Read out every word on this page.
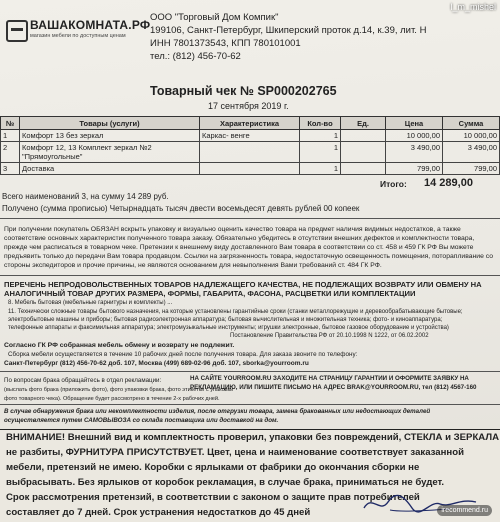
l_m_mishel
ВАШАКОМНАТА.РФ
магазин мебели по доступным ценам
ООО "Торговый Дом Компик"
199106, Санкт-Петербург, Шкиперский проток д.14, к.39, лит. Н
ИНН 7801373543, КПП 780101001
тел.: (812) 456-70-62
Товарный чек № SP000202765
17 сентября 2019 г.
№	Товары (услуги)	Характеристика	Кол-во	Ед.	Цена	Сумма
1	Комфорт 13 без зеркал	Каркас- венге	1		10 000,00	10 000,00
2	Комфорт 12, 13 Комплект зеркал №2 "Прямоугольные"		1		3 490,00	3 490,00
3	Доставка		1		799,00	799,00
Итого: 14 289,00
Всего наименований 3, на сумму 14 289 руб.
Получено (сумма прописью) Четырнадцать тысяч двести восемьдесят девять рублей 00 копеек
При получении покупатель ОБЯЗАН вскрыть упаковку и визуально оценить качество товара на предмет наличия видимых недостатков, а также
соответствие основных характеристик полученного товара заказу. Обязательно убедитесь в отсутствии внешних дефектов и комплектности товара,
прежде чем расписаться в товарном чеке. Претензии к внешнему виду доставленного Вам товара в соответствии со ст. 458 и 459 ГК РФ Вы можете
предъявить только до передачи Вам товара продавцом. Ссылки на загрязненность товара, недостаточную освещенность помещения, поторапливание со
стороны экспедиторов и прочие причины, не являются основанием для невыполнения Вами требований ст. 484 ГК РФ.
ПЕРЕЧЕНЬ НЕПРОДОВОЛЬСТВЕННЫХ ТОВАРОВ НАДЛЕЖАЩЕГО КАЧЕСТВА, НЕ ПОДЛЕЖАЩИХ ВОЗВРАТУ ИЛИ ОБМЕНУ НА
АНАЛОГИЧНЫЙ ТОВАР ДРУГИХ РАЗМЕРА, ФОРМЫ, ГАБАРИТА, ФАСОНА, РАСЦВЕТКИ ИЛИ КОМПЛЕКТАЦИИ
8. Мебель бытовая (мебельные гарнитуры и комплекты) ...
11. Технически сложные товары бытового назначения, на которые установлены гарантийные сроки (станки металлорежущие и деревообрабатывающие бытовые;
электробытовые машины и приборы; бытовая радиоэлектронная аппаратура; бытовая вычислительная и множительная техника; фото- и киноаппаратура;
телефонные аппараты и факсимильная аппаратура; электромузыкальные инструменты; игрушки электронные, бытовое газовое оборудование и устройства)
Постановление Правительства РФ от 20.10.1998 N 1222, от 06.02.2002
Согласно ГК РФ собранная мебель обмену и возврату не подлежит.
Сборка мебели осуществляется в течение 10 рабочих дней после получения товара. Для заказа звоните по телефону:
Санкт-Петербург (812) 456-70-62 доб. 107, Москва (499) 689-02-96 доб. 107, sborka@yourroom.ru
По вопросам брака обращайтесь в отдел рекламации:
(выслать фото брака (приложить фото), фото упаковки брака, фото этикетки с упаковки
фото товарного чека). Обращение будет рассмотрено в течение 2-х рабочих дней.
НА САЙТЕ YOURROOM.RU ЗАХОДИТЕ НА СТРАНИЦУ ГАРАНТИИ И ОФОРМИТЕ ЗАЯВКУ НА
РЕКЛАМАЦИЮ, ИЛИ ПИШИТЕ ПИСЬМО НА АДРЕС BRAK@YOURROOM.RU, тел (812) 4567-160
В случае обнаружения брака или некомплектности изделия, после отгрузки товара, замена бракованных или недостающих деталей
осуществляется путем САМОВЫВОЗА со склада поставщика или доставкой на дом.
ВНИМАНИЕ! Внешний вид и комплектность проверил, упаковки без повреждений, СТЕКЛА и ЗЕРКАЛА
не разбиты, ФУРНИТУРА ПРИСУТСТВУЕТ. Цвет, цена и наименование соответствует заказанной
мебели, претензий не имею. Коробки с ярлыками от фабрики до окончания сборки не
выбрасывать. Без ярлыков от коробок рекламация, в случае брака, приниматься не будет.
Срок рассмотрения претензий, в соответствии с законом о защите прав потребителей
составляет до 7 дней. Срок устранения недостатков до 45 дней	irecommend.ru
